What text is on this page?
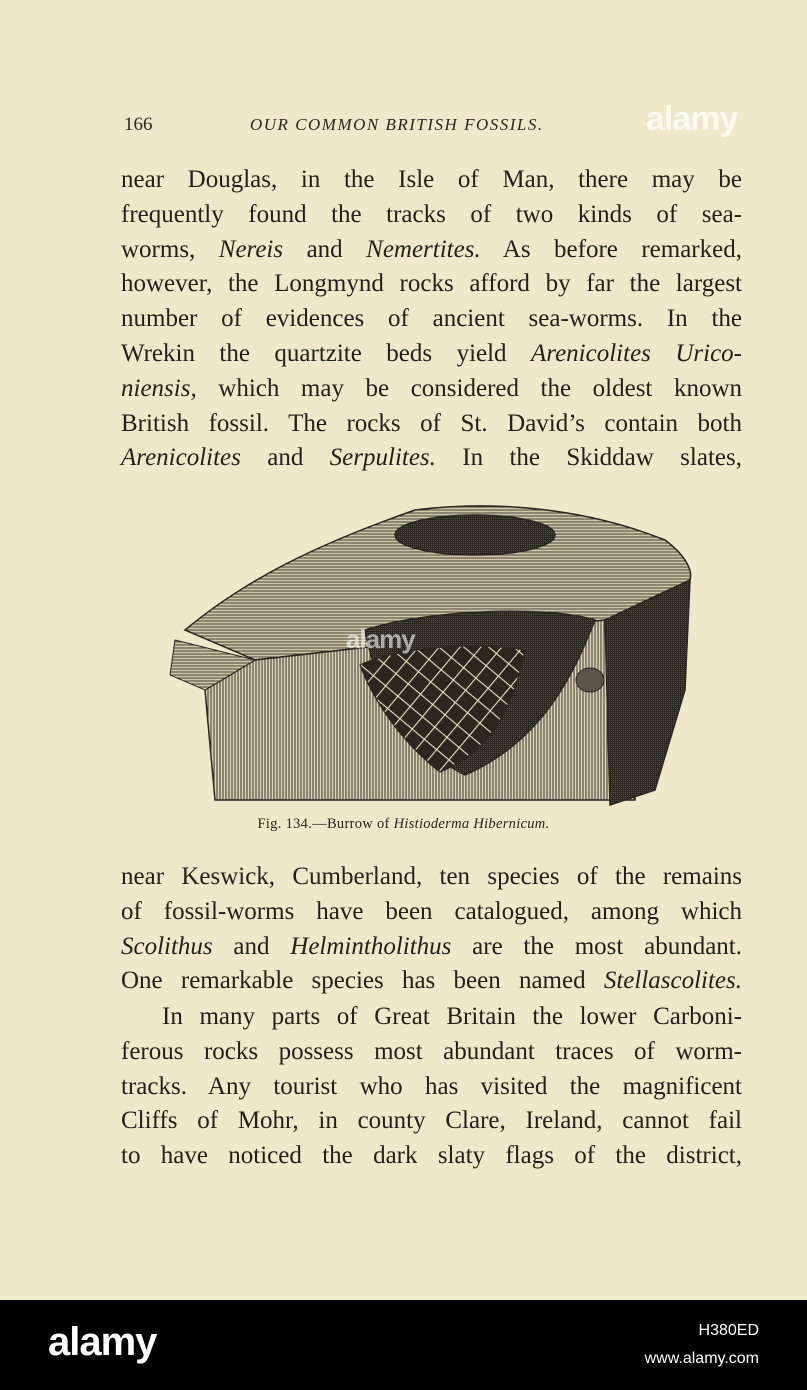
166	OUR COMMON BRITISH FOSSILS.	alamy
near Douglas, in the Isle of Man, there may be
frequently found the tracks of two kinds of sea-
worms, Nereis and Nemertites. As before remarked,
however, the Longmynd rocks afford by far the largest
number of evidences of ancient sea-worms. In the
Wrekin the quartzite beds yield Arenicolites Urico-
niensis, which may be considered the oldest known
British fossil. The rocks of St. David’s contain both
Arenicolites and Serpulites. In the Skiddaw slates,
alamy
Fig. 134.—Burrow of Histioderma Hibernicum.
near Keswick, Cumberland, ten species of the remains
of fossil-worms have been catalogued, among which
Scolithus and Helmintholithus are the most abundant.
One remarkable species has been named Stellascolites.
In many parts of Great Britain the lower Carboni-
ferous rocks possess most abundant traces of worm-
tracks. Any tourist who has visited the magnificent
Cliffs of Mohr, in county Clare, Ireland, cannot fail
to have noticed the dark slaty flags of the district,
alamy	H380ED
www.alamy.com
